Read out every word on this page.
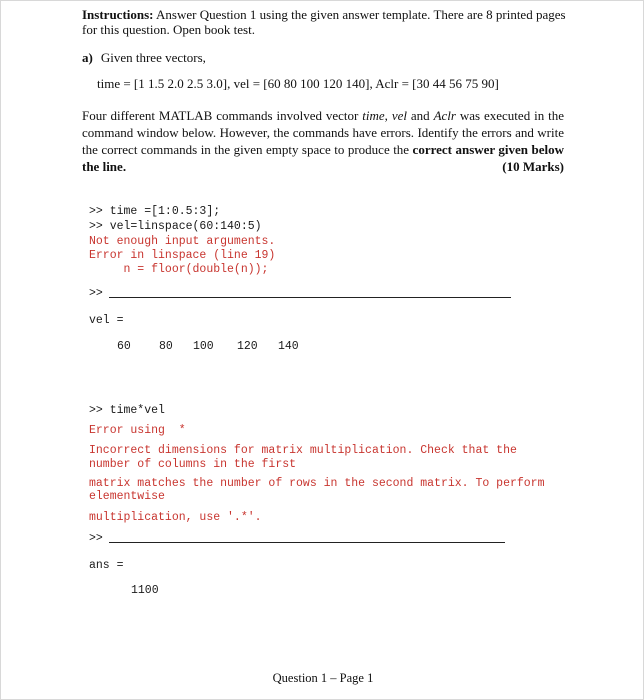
Instructions: Answer Question 1 using the given answer template. There are 8 printed pages for this question. Open book test.
a) Given three vectors,
time = [1 1.5 2.0 2.5 3.0], vel = [60 80 100 120 140], Aclr = [30 44 56 75 90]
Four different MATLAB commands involved vector time, vel and Aclr was executed in the command window below. However, the commands have errors. Identify the errors and write the correct commands in the given empty space to produce the correct answer given below the line.	(10 Marks)
>> time =[1:0.5:3];
>> vel=linspace(60:140:5)
Not enough input arguments.
Error in linspace (line 19)
n = floor(double(n));
>>
vel =
60 80 100 120 140
>> time*vel
Error using  *
Incorrect dimensions for matrix multiplication. Check that the
number of columns in the first
matrix matches the number of rows in the second matrix. To perform
elementwise
multiplication, use '.*'.
>>
ans =
1100
Question 1 – Page 1
